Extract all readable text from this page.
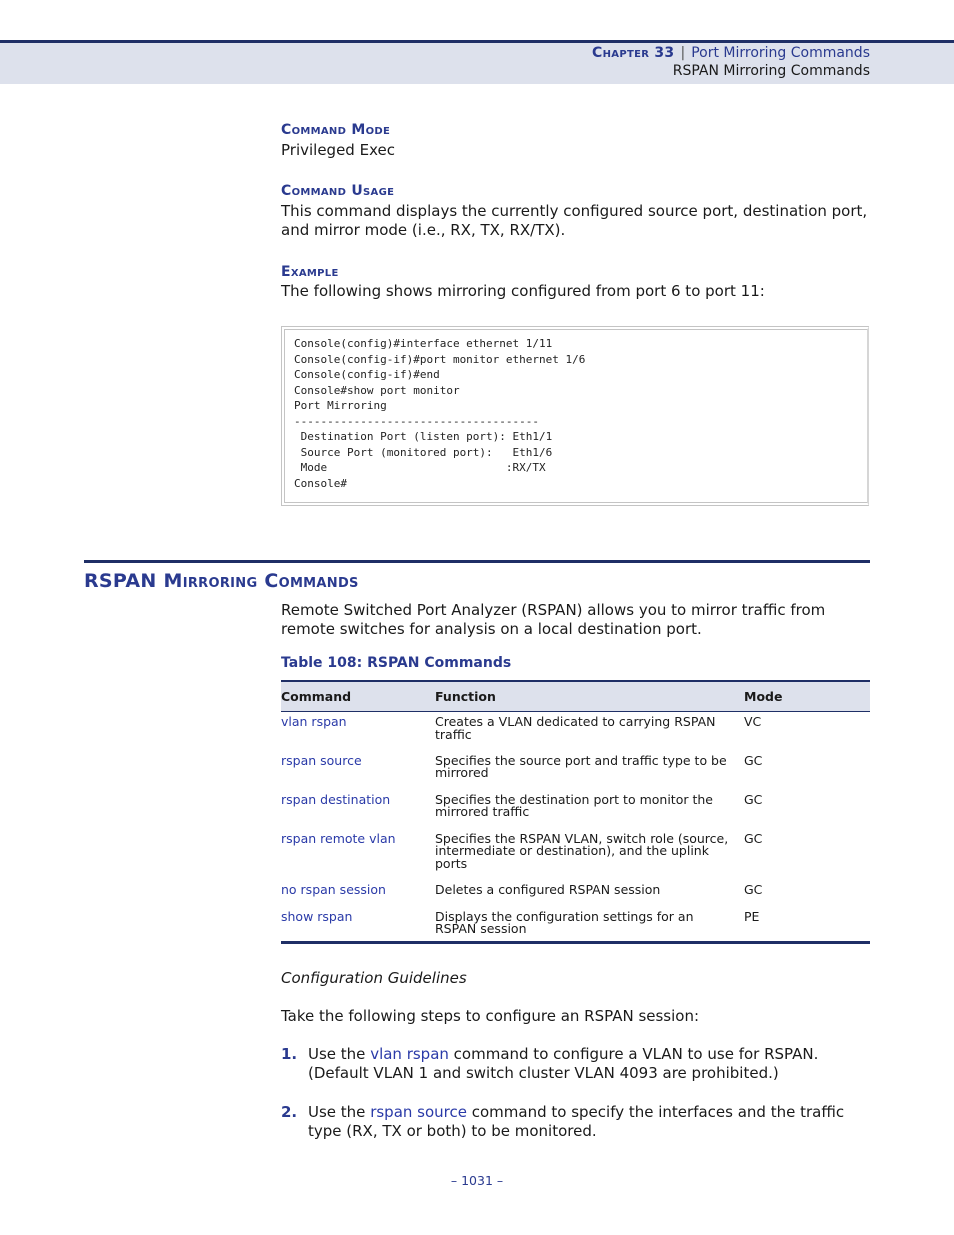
Chapter 33 | Port Mirroring Commands
RSPAN Mirroring Commands
Command Mode
Privileged Exec
Command Usage
This command displays the currently configured source port, destination port, and mirror mode (i.e., RX, TX, RX/TX).
Example
The following shows mirroring configured from port 6 to port 11:
Console(config)#interface ethernet 1/11
Console(config-if)#port monitor ethernet 1/6
Console(config-if)#end
Console#show port monitor
Port Mirroring
-------------------------------------
Destination Port (listen port): Eth1/1
Source Port (monitored port):   Eth1/6
Mode                           :RX/TX
Console#
RSPAN Mirroring Commands
Remote Switched Port Analyzer (RSPAN) allows you to mirror traffic from remote switches for analysis on a local destination port.
Table 108: RSPAN Commands
Command	Function	Mode
vlan rspan	Creates a VLAN dedicated to carrying RSPAN traffic	VC
rspan source	Specifies the source port and traffic type to be mirrored	GC
rspan destination	Specifies the destination port to monitor the mirrored traffic	GC
rspan remote vlan	Specifies the RSPAN VLAN, switch role (source, intermediate or destination), and the uplink ports	GC
no rspan session	Deletes a configured RSPAN session	GC
show rspan	Displays the configuration settings for an RSPAN session	PE
Configuration Guidelines
Take the following steps to configure an RSPAN session:
1. Use the vlan rspan command to configure a VLAN to use for RSPAN. (Default VLAN 1 and switch cluster VLAN 4093 are prohibited.)
2. Use the rspan source command to specify the interfaces and the traffic type (RX, TX or both) to be monitored.
– 1031 –
